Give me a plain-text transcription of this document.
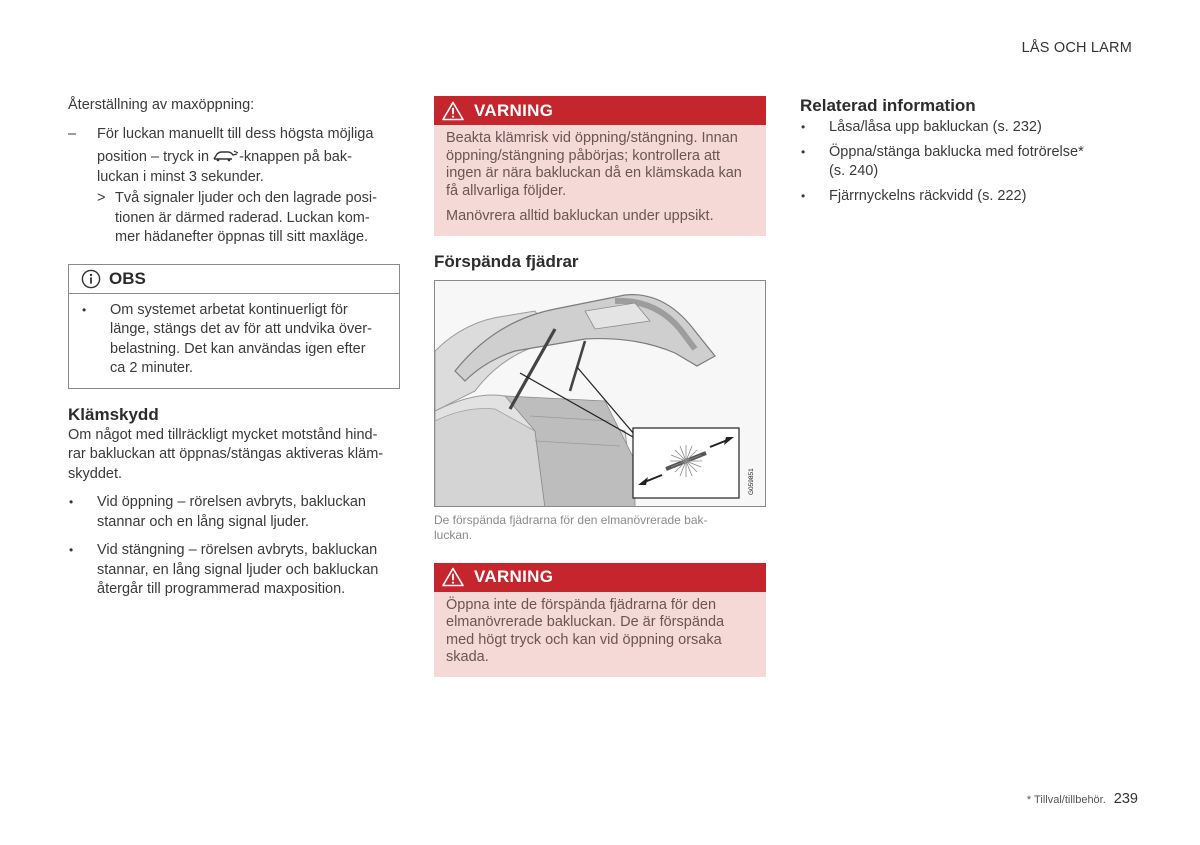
LÅS OCH LARM

Återställning av maxöppning:

– För luckan manuellt till dess högsta möjliga

position – tryck in -knappen på bak-

luckan i minst 3 sekunder.

> Två signaler ljuder och den lagrade posi-

tionen är därmed raderad. Luckan kom-

mer hädanefter öppnas till sitt maxläge.

OBS
• Om systemet arbetat kontinuerligt för

länge, stängs det av för att undvika över-

belastning. Det kan användas igen efter

ca 2 minuter.

Klämskydd

Om något med tillräckligt mycket motstånd hind-

rar bakluckan att öppnas/stängas aktiveras kläm-

skyddet.

• Vid öppning – rörelsen avbryts, bakluckan

stannar och en lång signal ljuder.

• Vid stängning – rörelsen avbryts, bakluckan

stannar, en lång signal ljuder och bakluckan

återgår till programmerad maxposition.

VARNING
Beakta klämrisk vid öppning/stängning. Innan
öppning/stängning påbörjas; kontrollera att
ingen är nära bakluckan då en klämskada kan
få allvarliga följder.

Manövrera alltid bakluckan under uppsikt.

Förspända fjädrar
G059851
De förspända fjädrarna för den elmanövrerade bak-
luckan.
VARNING
Öppna inte de förspända fjädrarna för den
elmanövrerade bakluckan. De är förspända
med högt tryck och kan vid öppning orsaka
skada.
Relaterad information
• Låsa/låsa upp bakluckan (s. 232)

• Öppna/stänga baklucka med fotrörelse*

(s. 240)

• Fjärrnyckelns räckvidd (s. 222)

* Tillval/tillbehör. 239
